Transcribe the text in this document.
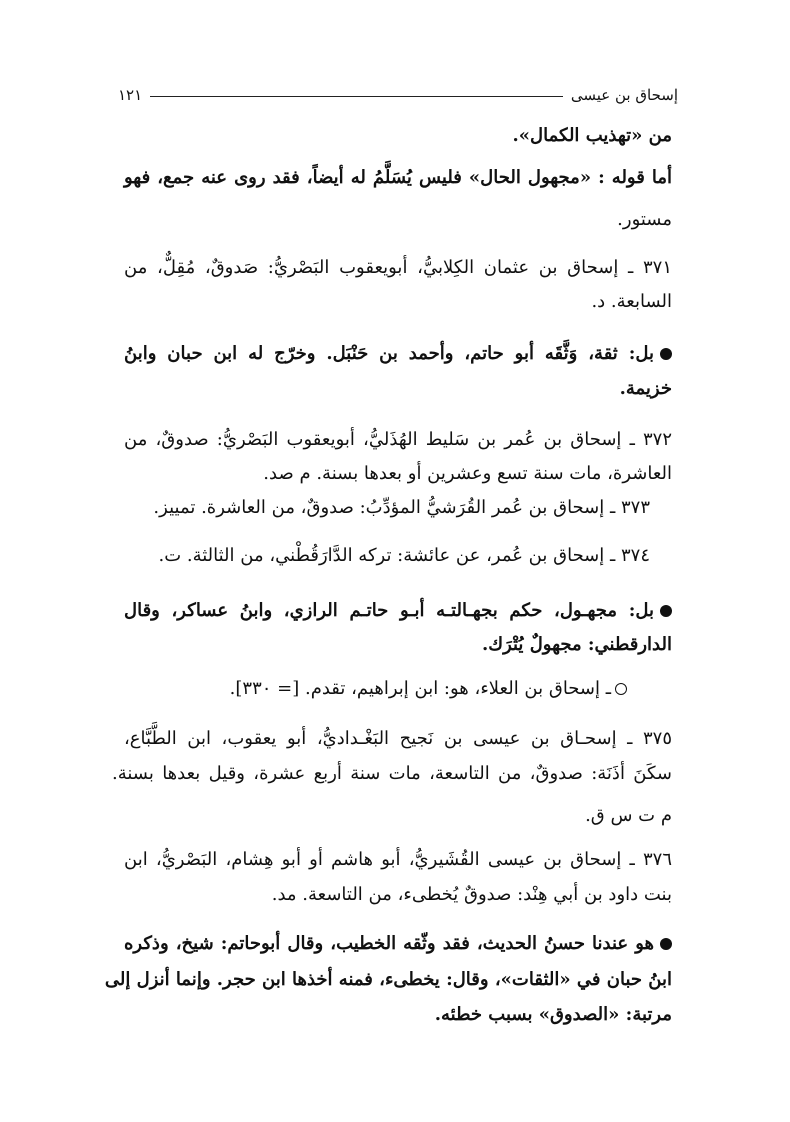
إسحاق بن عيسى
١٢١
من «تهذيب الكمال».
أما قوله : «مجهول الحال» فليس يُسَلَّمُ له أيضاً، فقد روى عنه جمع، فهو
مستور.
٣٧١ ـ إسحاق بن عثمان الكِلابيُّ، أبويعقوب البَصْريُّ: صَدوقٌ، مُقِلٌّ، من
السابعة. د.
بل: ثقة، وَثَّقَه أبو حاتم، وأحمد بن حَنْبَل. وخرّج له ابن حبان وابنُ
خزيمة.
٣٧٢ ـ إسحاق بن عُمر بن سَليط الهُذَليُّ، أبويعقوب البَصْريُّ: صدوقٌ، من
العاشرة، مات سنة تسع وعشرين أو بعدها بسنة. م صد.
٣٧٣ ـ إسحاق بن عُمر القُرَشيُّ المؤدِّبُ: صدوقٌ، من العاشرة. تمييز.
٣٧٤ ـ إسحاق بن عُمر، عن عائشة: تركه الدَّارَقُطْني، من الثالثة. ت.
بل: مجهـول، حكم بجهـالتـه أبـو حاتـم الرازي، وابنُ عساكر، وقال
الدارقطني: مجهولٌ يُتْرَك.
ـ إسحاق بن العلاء، هو: ابن إبراهيم، تقدم. [= ٣٣٠].
٣٧٥ ـ إسحـاق بن عيسى بن نَجيح البَغْـداديُّ، أبو يعقوب، ابن الطَّبَّاع،
سكَنَ أذَنَة: صدوقٌ، من التاسعة، مات سنة أربع عشرة، وقيل بعدها بسنة.
م ت س ق.
٣٧٦ ـ إسحاق بن عيسى القُشَيريُّ، أبو هاشم أو أبو هِشام، البَصْريُّ، ابن
بنت داود بن أبي هِنْد: صدوقٌ يُخطىء، من التاسعة. مد.
هو عندنا حسنُ الحديث، فقد وثّقه الخطيب، وقال أبوحاتم: شيخ، وذكره
ابنُ حبان في «الثقات»، وقال: يخطىء، فمنه أخذها ابن حجر. وإنما أنزل إلى
مرتبة: «الصدوق» بسبب خطئه.
